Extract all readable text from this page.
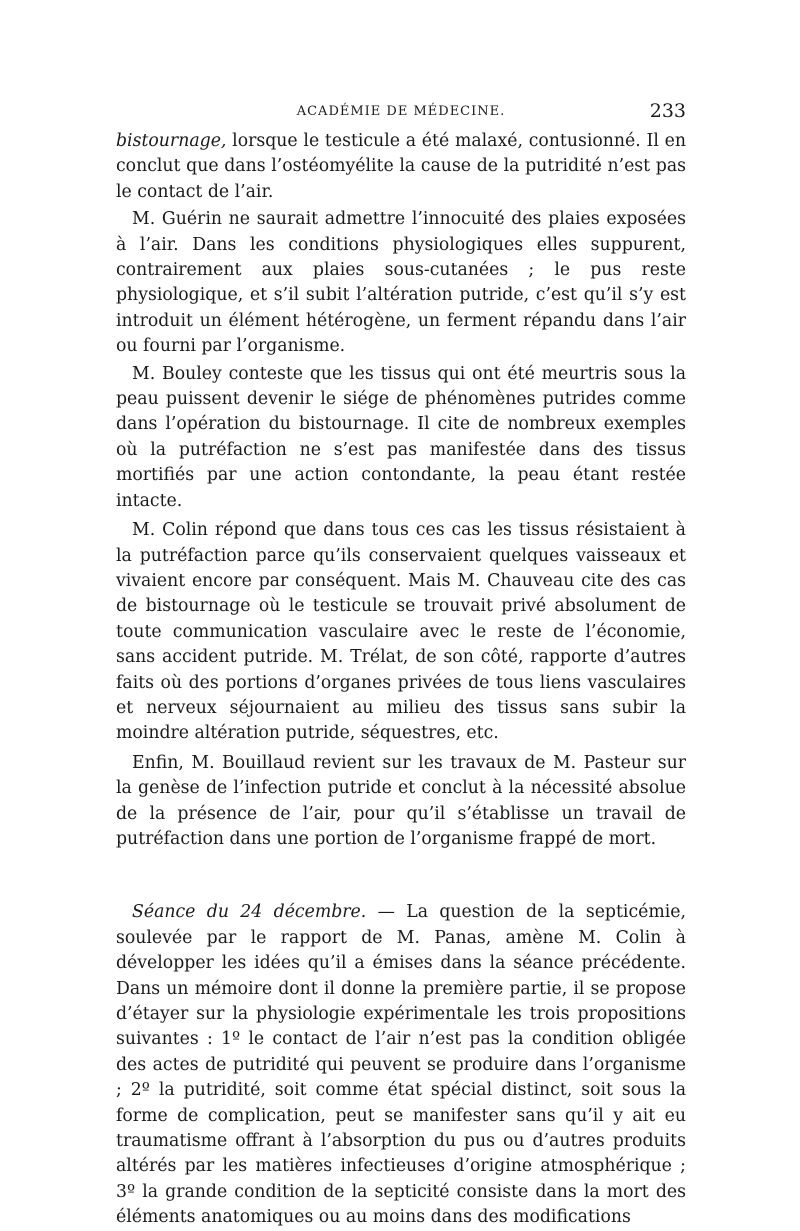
ACADÉMIE DE MÉDECINE.	233

bistournage, lorsque le testicule a été malaxé, contusionné. Il en conclut que dans l’ostéomyélite la cause de la putridité n’est pas le contact de l’air.

M. Guérin ne saurait admettre l’innocuité des plaies exposées à l’air. Dans les conditions physiologiques elles suppurent, contrairement aux plaies sous-cutanées ; le pus reste physiologique, et s’il subit l’altération putride, c’est qu’il s’y est introduit un élément hétérogène, un ferment répandu dans l’air ou fourni par l’organisme.

M. Bouley conteste que les tissus qui ont été meurtris sous la peau puissent devenir le siége de phénomènes putrides comme dans l’opération du bistournage. Il cite de nombreux exemples où la putréfaction ne s’est pas manifestée dans des tissus mortifiés par une action contondante, la peau étant restée intacte.

M. Colin répond que dans tous ces cas les tissus résistaient à la putréfaction parce qu’ils conservaient quelques vaisseaux et vivaient encore par conséquent. Mais M. Chauveau cite des cas de bistournage où le testicule se trouvait privé absolument de toute communication vasculaire avec le reste de l’économie, sans accident putride. M. Trélat, de son côté, rapporte d’autres faits où des portions d’organes privées de tous liens vasculaires et nerveux séjournaient au milieu des tissus sans subir la moindre altération putride, séquestres, etc.

Enfin, M. Bouillaud revient sur les travaux de M. Pasteur sur la genèse de l’infection putride et conclut à la nécessité absolue de la présence de l’air, pour qu’il s’établisse un travail de putréfaction dans une portion de l’organisme frappé de mort.

Séance du 24 décembre. — La question de la septicémie, soulevée par le rapport de M. Panas, amène M. Colin à développer les idées qu’il a émises dans la séance précédente. Dans un mémoire dont il donne la première partie, il se propose d’étayer sur la physiologie expérimentale les trois propositions suivantes : 1º le contact de l’air n’est pas la condition obligée des actes de putridité qui peuvent se produire dans l’organisme ; 2º la putridité, soit comme état spécial distinct, soit sous la forme de complication, peut se manifester sans qu’il y ait eu traumatisme offrant à l’absorption du pus ou d’autres produits altérés par les matières infectieuses d’origine atmosphérique ; 3º la grande condition de la septicité consiste dans la mort des éléments anatomiques ou au moins dans des modifications
